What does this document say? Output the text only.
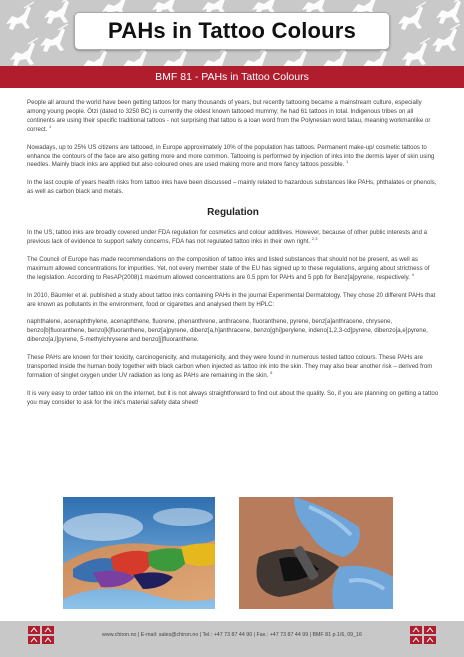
PAHs in Tattoo Colours
BMF 81 - PAHs in Tattoo Colours

People all around the world have been getting tattoos for many thousands of years, but recently tattooing became a mainstream culture, especially among young people. Ötzi (dated to 3250 BC) is currently the oldest known tattooed mummy; he had 61 tattoos in total. Indigenous tribes on all continents are using their specific traditional tattoos - not surprising that tattoo is a loan word from the Polynesian word tatau, meaning workmanlike or correct. $^1$

Nowadays, up to 25% US citizens are tattooed, in Europe approximately 10% of the population has tattoos. Permanent make-up/ cosmetic tattoos to enhance the contours of the face are also getting more and more common. Tattooing is performed by injection of inks into the dermis layer of skin using needles. Mainly black inks are applied but also coloured ones are used making more and more fancy tattoos possible. $^1$

In the last couple of years health risks from tattoo inks have been discussed – mainly related to hazardous substances like PAHs, phthalates or phenols, as well as carbon black and metals.

Regulation

In the US, tattoo inks are broadly covered under FDA regulation for cosmetics and colour additives. However, because of other public interests and a previous lack of evidence to support safety concerns, FDA has not regulated tattoo inks in their own right. $^{2,3}$

The Council of Europe has made recommendations on the composition of tattoo inks and listed substances that should not be present, as well as maximum allowed concentrations for impurities. Yet, not every member state of the EU has signed up to these regulations, arguing about strictness of the legislation. According to ResAP(2008)1 maximum allowed concentrations are 0.5 ppm for PAHs and 5 ppb for Benz[a]pyrene, respectively. $^4$

In 2010, Bäumler et al. published a study about tattoo inks containing PAHs in the journal Experimental Dermatology. They chose 20 different PAHs that are known as pollutants in the environment, food or cigarettes and analysed them by HPLC:

naphthalene, acenaphthylene, acenaphthene, fluorene, phenanthrene, anthracene, fluoranthene, pyrene, benz[a]anthracene, chrysene, benzo[b]fluoranthene, benzo[k]fluoranthene, benz[a]pyrene, dibenz[a,h]anthracene, benzo[ghi]perylene, indeno[1,2,3-cd]pyrene, dibenzo[a,e]pyrene, dibenzo[a,l]pyrene, 5-methylchrysene and benzo[j]fluoranthene.

These PAHs are known for their toxicity, carcinogenicity, and mutagenicity, and they were found in numerous tested tattoo colours. These PAHs are transported inside the human body together with black carbon when injected as tattoo ink into the skin. They may also bear another risk – derived from formation of singlet oxygen under UV radiation as long as PAHs are remaining in the skin. $^5$

It is very easy to order tattoo ink on the internet, but it is not always straightforward to find out about the quality. So, if you are planning on getting a tattoo you may consider to ask for the ink's material safety data sheet!

www.chiron.no | E-mail: sales@chiron.no | Tel.: +47 73 87 44 90 | Fax.: +47 73 87 44 99 | BMF 81 p.1/6, 09_16
